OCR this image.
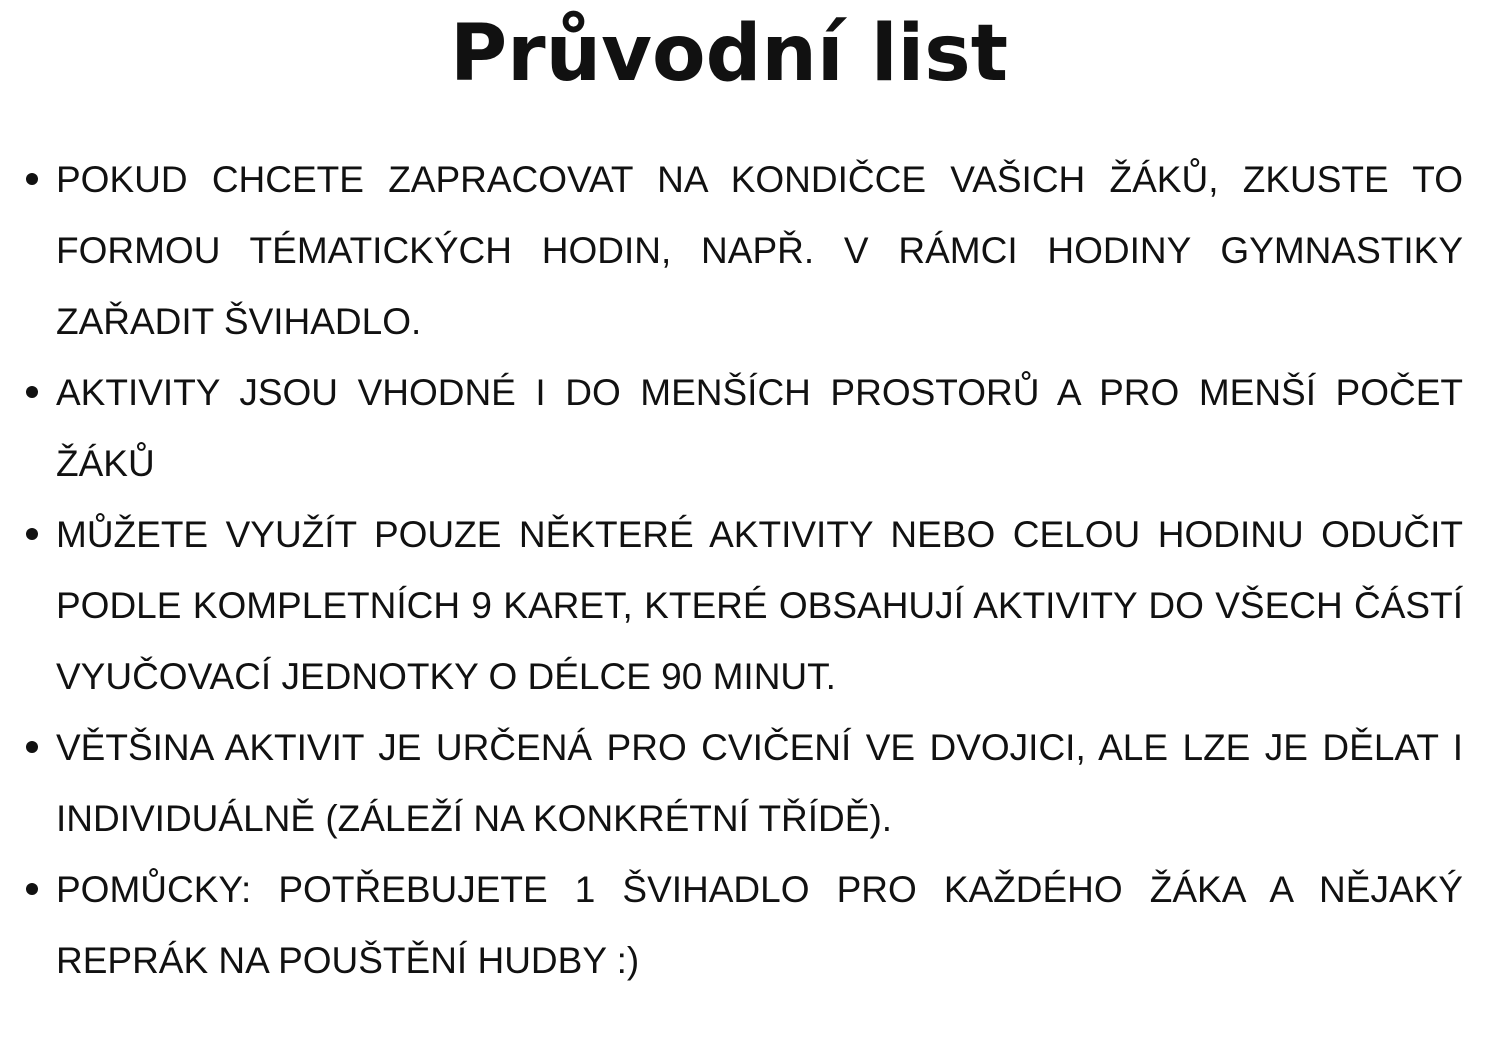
Průvodní list
POKUD CHCETE ZAPRACOVAT NA KONDIČCE VAŠICH ŽÁKŮ, ZKUSTE TO FORMOU TÉMATICKÝCH HODIN, NAPŘ. V RÁMCI HODINY GYMNASTIKY ZAŘADIT ŠVIHADLO.
AKTIVITY JSOU VHODNÉ I DO MENŠÍCH PROSTORŮ A PRO MENŠÍ POČET ŽÁKŮ
MŮŽETE VYUŽÍT POUZE NĚKTERÉ AKTIVITY NEBO CELOU HODINU ODUČIT PODLE KOMPLETNÍCH 9 KARET, KTERÉ OBSAHUJÍ AKTIVITY DO VŠECH ČÁSTÍ VYUČOVACÍ JEDNOTKY O DÉLCE 90 MINUT.
VĚTŠINA AKTIVIT JE URČENÁ PRO CVIČENÍ VE DVOJICI, ALE LZE JE DĚLAT I INDIVIDUÁLNĚ (ZÁLEŽÍ NA KONKRÉTNÍ TŘÍDĚ).
POMŮCKY: POTŘEBUJETE 1 ŠVIHADLO PRO KAŽDÉHO ŽÁKA A NĚJAKÝ REPRÁK NA POUŠTĚNÍ HUDBY :)
